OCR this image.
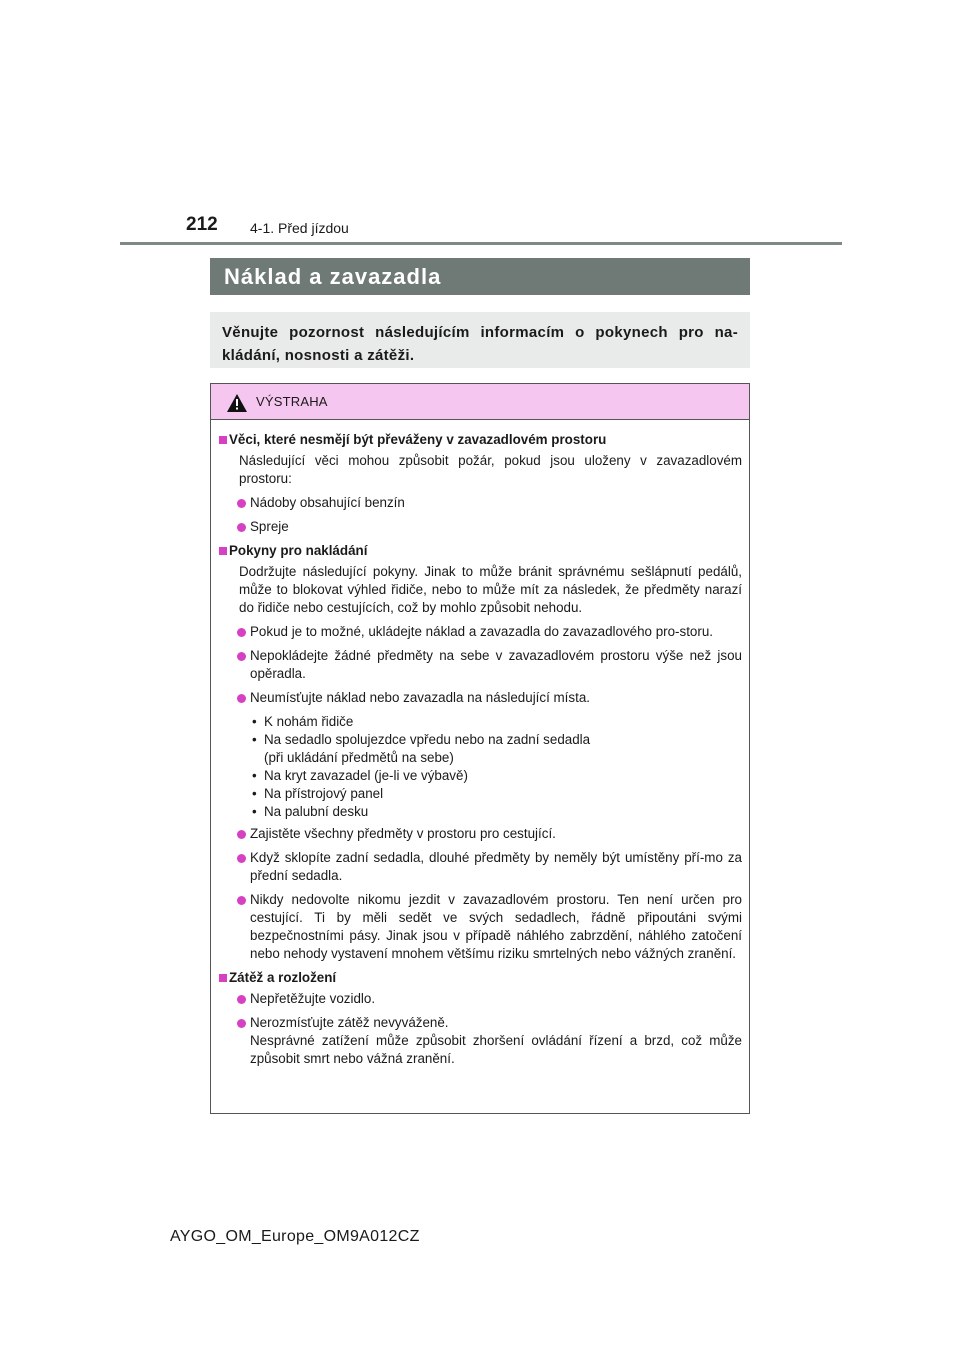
212 4-1. Před jízdou
Náklad a zavazadla
Věnujte pozornost následujícím informacím o pokynech pro na-kládání, nosnosti a zátěži.
VÝSTRAHA
Věci, které nesmějí být převáženy v zavazadlovém prostoru
Následující věci mohou způsobit požár, pokud jsou uloženy v zavazadlovém prostoru:
Nádoby obsahující benzín
Spreje
Pokyny pro nakládání
Dodržujte následující pokyny. Jinak to může bránit správnému sešlápnutí pedálů, může to blokovat výhled řidiče, nebo to může mít za následek, že předměty narazí do řidiče nebo cestujících, což by mohlo způsobit nehodu.
Pokud je to možné, ukládejte náklad a zavazadla do zavazadlového pro-storu.
Nepokládejte žádné předměty na sebe v zavazadlovém prostoru výše než jsou opěradla.
Neumísťujte náklad nebo zavazadla na následující místa.
• K nohám řidiče
• Na sedadlo spolujezdce vpředu nebo na zadní sedadla
(při ukládání předmětů na sebe)
• Na kryt zavazadel (je-li ve výbavě)
• Na přístrojový panel
• Na palubní desku
Zajistěte všechny předměty v prostoru pro cestující.
Když sklopíte zadní sedadla, dlouhé předměty by neměly být umístěny pří-mo za přední sedadla.
Nikdy nedovolte nikomu jezdit v zavazadlovém prostoru. Ten není určen pro cestující. Ti by měli sedět ve svých sedadlech, řádně připoutáni svými bezpečnostními pásy. Jinak jsou v případě náhlého zabrzdění, náhlého zatočení nebo nehody vystavení mnohem většímu riziku smrtelných nebo vážných zranění.
Zátěž a rozložení
Nepřetěžujte vozidlo.
Nerozmísťujte zátěž nevyváženě.
Nesprávné zatížení může způsobit zhoršení ovládání řízení a brzd, což může způsobit smrt nebo vážná zranění.
AYGO_OM_Europe_OM9A012CZ
